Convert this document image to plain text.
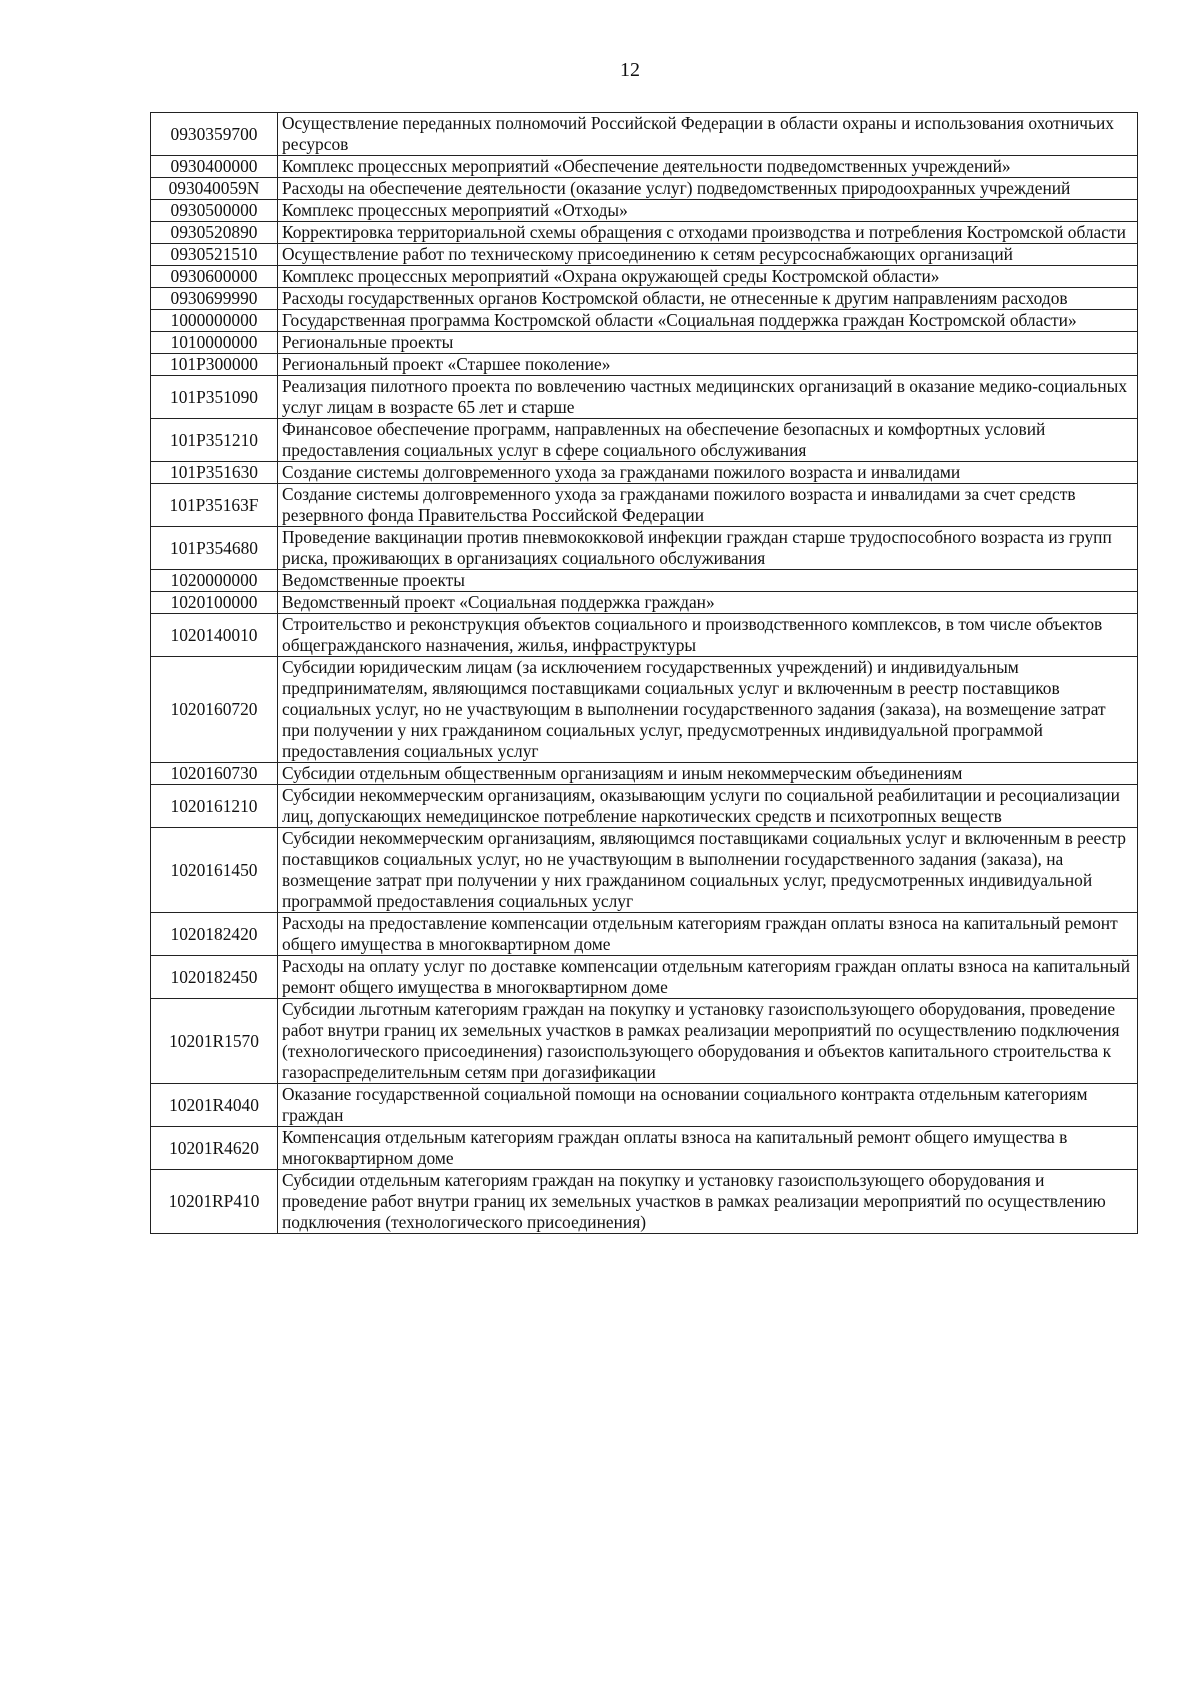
12
0930359700	Осуществление переданных полномочий Российской Федерации в области охраны и использования охотничьих ресурсов
0930400000	Комплекс процессных мероприятий «Обеспечение деятельности подведомственных учреждений»
093040059N	Расходы на обеспечение деятельности (оказание услуг) подведомственных природоохранных учреждений
0930500000	Комплекс процессных мероприятий «Отходы»
0930520890	Корректировка территориальной схемы обращения с отходами производства и потребления Костромской области
0930521510	Осуществление работ по техническому присоединению к сетям ресурсоснабжающих организаций
0930600000	Комплекс процессных мероприятий «Охрана окружающей среды Костромской области»
0930699990	Расходы государственных органов Костромской области, не отнесенные к другим направлениям расходов
1000000000	Государственная программа Костромской области «Социальная поддержка граждан Костромской области»
1010000000	Региональные проекты
101P300000	Региональный проект «Старшее поколение»
101P351090	Реализация пилотного проекта по вовлечению частных медицинских организаций в оказание медико-социальных услуг лицам в возрасте 65 лет и старше
101P351210	Финансовое обеспечение программ, направленных на обеспечение безопасных и комфортных условий предоставления социальных услуг в сфере социального обслуживания
101P351630	Создание системы долговременного ухода за гражданами пожилого возраста и инвалидами
101P35163F	Создание системы долговременного ухода за гражданами пожилого возраста и инвалидами за счет средств резервного фонда Правительства Российской Федерации
101P354680	Проведение вакцинации против пневмококковой инфекции граждан старше трудоспособного возраста из групп риска, проживающих в организациях социального обслуживания
1020000000	Ведомственные проекты
1020100000	Ведомственный проект «Социальная поддержка граждан»
1020140010	Строительство и реконструкция объектов социального и производственного комплексов, в том числе объектов общегражданского назначения, жилья, инфраструктуры
1020160720	Субсидии юридическим лицам (за исключением государственных учреждений) и индивидуальным предпринимателям, являющимся поставщиками социальных услуг и включенным в реестр поставщиков социальных услуг, но не участвующим в выполнении государственного задания (заказа), на возмещение затрат при получении у них гражданином социальных услуг, предусмотренных индивидуальной программой предоставления социальных услуг
1020160730	Субсидии отдельным общественным организациям и иным некоммерческим объединениям
1020161210	Субсидии некоммерческим организациям, оказывающим услуги по социальной реабилитации и ресоциализации лиц, допускающих немедицинское потребление наркотических средств и психотропных веществ
1020161450	Субсидии некоммерческим организациям, являющимся поставщиками социальных услуг и включенным в реестр поставщиков социальных услуг, но не участвующим в выполнении государственного задания (заказа), на возмещение затрат при получении у них гражданином социальных услуг, предусмотренных индивидуальной программой предоставления социальных услуг
1020182420	Расходы на предоставление компенсации отдельным категориям граждан оплаты взноса на капитальный ремонт общего имущества в многоквартирном доме
1020182450	Расходы на оплату услуг по доставке компенсации отдельным категориям граждан оплаты взноса на капитальный ремонт общего имущества в многоквартирном доме
10201R1570	Субсидии льготным категориям граждан на покупку и установку газоиспользующего оборудования, проведение работ внутри границ их земельных участков в рамках реализации мероприятий по осуществлению подключения (технологического присоединения) газоиспользующего оборудования и объектов капитального строительства к газораспределительным сетям при догазификации
10201R4040	Оказание государственной социальной помощи на основании социального контракта отдельным категориям граждан
10201R4620	Компенсация отдельным категориям граждан оплаты взноса на капитальный ремонт общего имущества в многоквартирном доме
10201RP410	Субсидии отдельным категориям граждан на покупку и установку газоиспользующего оборудования и проведение работ внутри границ их земельных участков в рамках реализации мероприятий по осуществлению подключения (технологического присоединения)
